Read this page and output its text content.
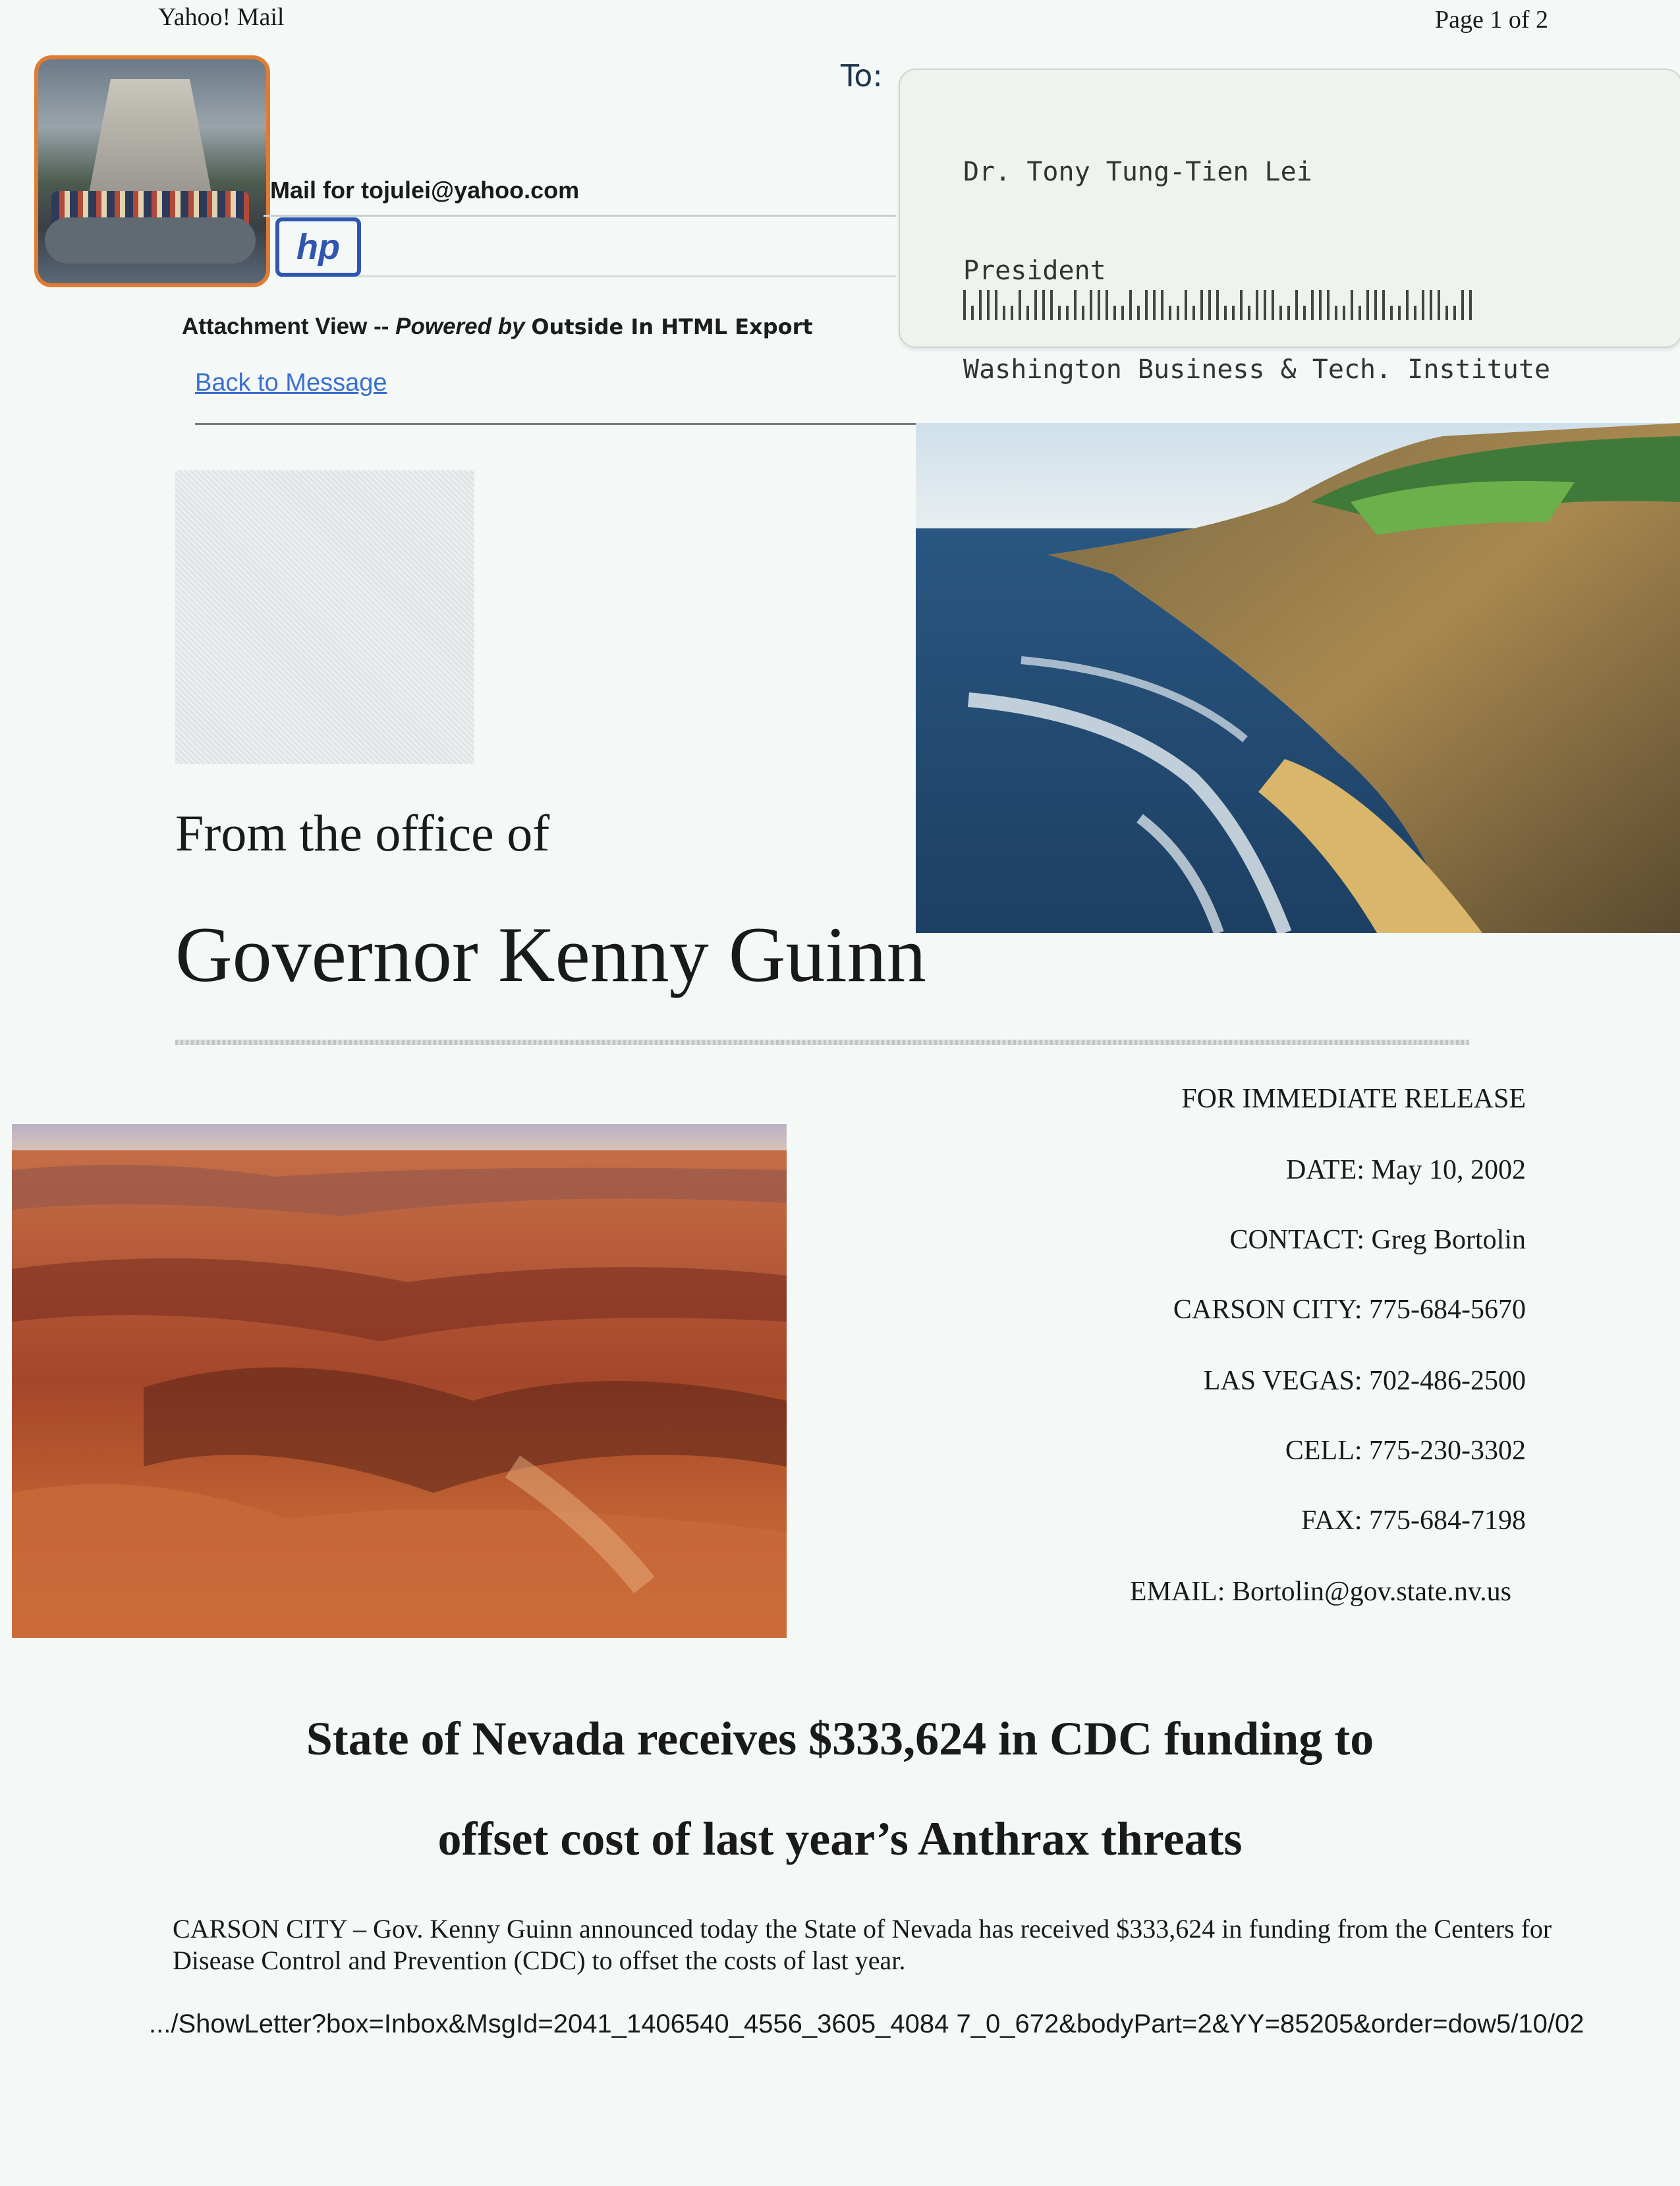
Yahoo! Mail	Page 1 of 2
Mail for tojulei@yahoo.com
hp
To:

Dr. Tony Tung-Tien Lei

President

Washington Business & Tech. Institute

Attachment View -- Powered by Outside In HTML Export
Back to Message
From the office of
Governor Kenny Guinn
FOR IMMEDIATE RELEASE
DATE: May 10, 2002
CONTACT: Greg Bortolin
CARSON CITY: 775-684-5670
LAS VEGAS: 702-486-2500
CELL: 775-230-3302
FAX: 775-684-7198
EMAIL: Bortolin@gov.state.nv.us
State of Nevada receives $333,624 in CDC funding to
offset cost of last year’s Anthrax threats
CARSON CITY – Gov. Kenny Guinn announced today the State of Nevada has received $333,624 in funding from the Centers for Disease Control and Prevention (CDC) to offset the costs of last year.
.../ShowLetter?box=Inbox&MsgId=2041_1406540_4556_3605_4084 7_0_672&bodyPart=2&YY=85205&order=dow5/10/02
